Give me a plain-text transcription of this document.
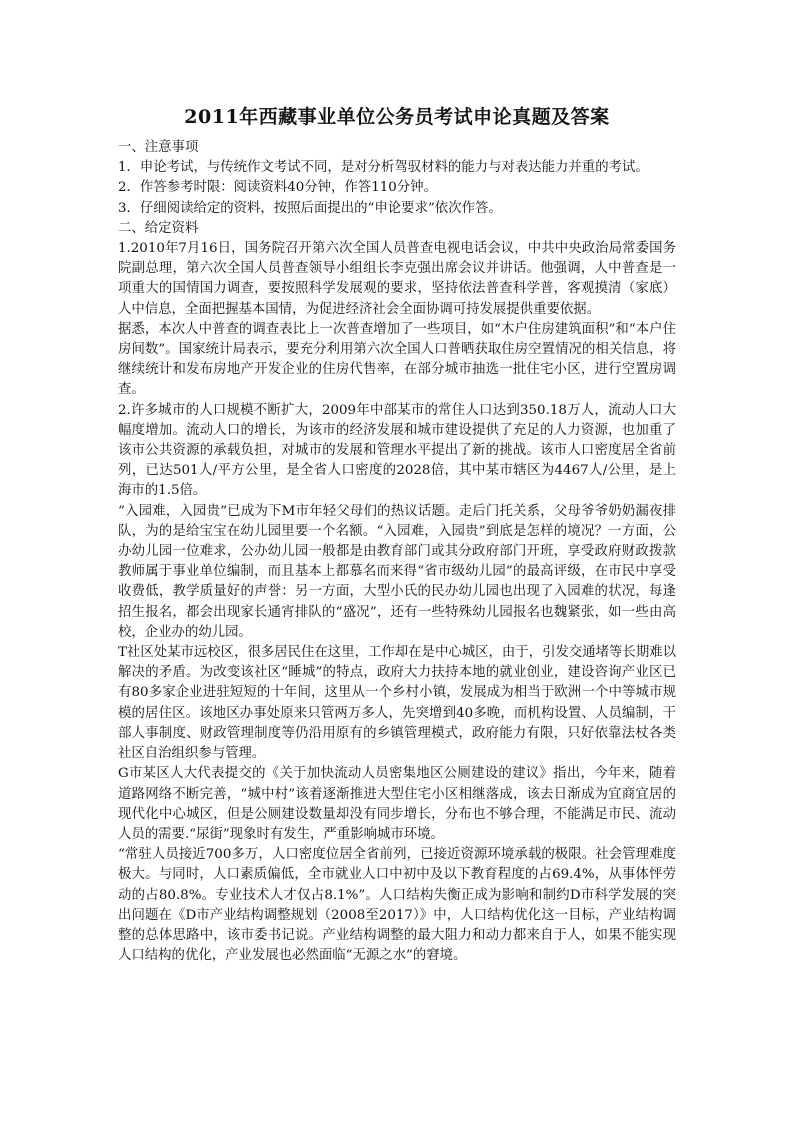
2011年西藏事业单位公务员考试申论真题及答案

一、注意事项

1．申论考试，与传统作文考试不同，是对分析驾驭材料的能力与对表达能力并重的考试。

2．作答参考时限：阅读资料40分钟，作答110分钟。

3．仔细阅读给定的资料，按照后面提出的“申论要求”依次作答。

二、给定资料

1.2010年7月16日，国务院召开第六次全国人员普查电视电话会议，中共中央政治局常委国务院副总理，第六次全国人员普查领导小组组长李克强出席会议并讲话。他强调，人中普查是一项重大的国情国力调查，要按照科学发展观的要求，坚持依法普查科学普，客观摸清（家底）人中信息，全面把握基本国情，为促进经济社会全面协调可持发展提供重要依据。

据悉，本次人中普查的调查表比上一次普查增加了一些项目，如“木户住房建筑面积”和“本户住房间数”。国家统计局表示，要充分利用第六次全国人口普晒获取住房空置情况的相关信息，将继续统计和发布房地产开发企业的住房代售率，在部分城市抽选一批住宅小区，进行空置房调查。

2.许多城市的人口规模不断扩大，2009年中部某市的常住人口达到350.18万人，流动人口大幅度增加。流动人口的增长，为该市的经济发展和城市建设提供了充足的人力资源，也加重了该市公共资源的承载负担，对城市的发展和管理水平提出了新的挑战。该市人口密度居全省前列，已达501人/平方公里，是全省人口密度的2028倍，其中某市辖区为4467人/公里，是上海市的1.5倍。

“入园难，入园贵”已成为下M市年轻父母们的热议话题。走后门托关系，父母爷爷奶奶漏夜排队，为的是给宝宝在幼儿园里要一个名额。“入园难，入园贵”到底是怎样的境况？一方面，公办幼儿园一位难求，公办幼儿园一般都是由教育部门或其分政府部门开班，享受政府财政拨款教师属于事业单位编制，而且基本上都慕名而来得“省市级幼儿园”的最高评级，在市民中享受收费低，教学质量好的声誉：另一方面，大型小氏的民办幼儿园也出现了入园难的状况，每逢招生报名，都会出现家长通宵排队的“盛况”，还有一些特殊幼儿园报名也魏紧张，如一些由高校，企业办的幼儿园。

T社区处某市远校区，很多居民住在这里，工作却在是中心城区，由于，引发交通堵等长期难以解决的矛盾。为改变该社区“睡城”的特点，政府大力扶持本地的就业创业，建设咨询产业区已有80多家企业进驻短短的十年间，这里从一个乡村小镇，发展成为相当于欧洲一个中等城市规模的居住区。该地区办事处原来只管两万多人，先突增到40多晚，而机构设置、人员编制，干部人事制度、财政管理制度等仍沿用原有的乡镇管理模式，政府能力有限，只好依靠法杖各类社区自治组织参与管理。

G市某区人大代表提交的《关于加快流动人员密集地区公厕建设的建议》指出，今年来，随着道路网络不断完善，“城中村”该着逐渐推进大型住宅小区相继落成，该去日渐成为宜商宜居的现代化中心城区，但是公厕建设数量却没有同步增长，分布也不够合理，不能满足市民、流动人员的需要.“尿街”现象时有发生，严重影响城市环境。

“常驻人员接近700多万，人口密度位居全省前列，已接近资源环境承载的极限。社会管理难度极大。与同时，人口素质偏低，全市就业人口中初中及以下教育程度的占69.4%，从事体怦劳动的占80.8%。专业技术人才仅占8.1%”。人口结构失衡正成为影响和制约D市科学发展的突出问题在《D市产业结构调整规划（2008至2017）》中，人口结构优化这一目标，产业结构调整的总体思路中，该市委书记说。产业结构调整的最大阻力和动力都来自于人，如果不能实现人口结构的优化，产业发展也必然面临“无源之水”的窘境。
